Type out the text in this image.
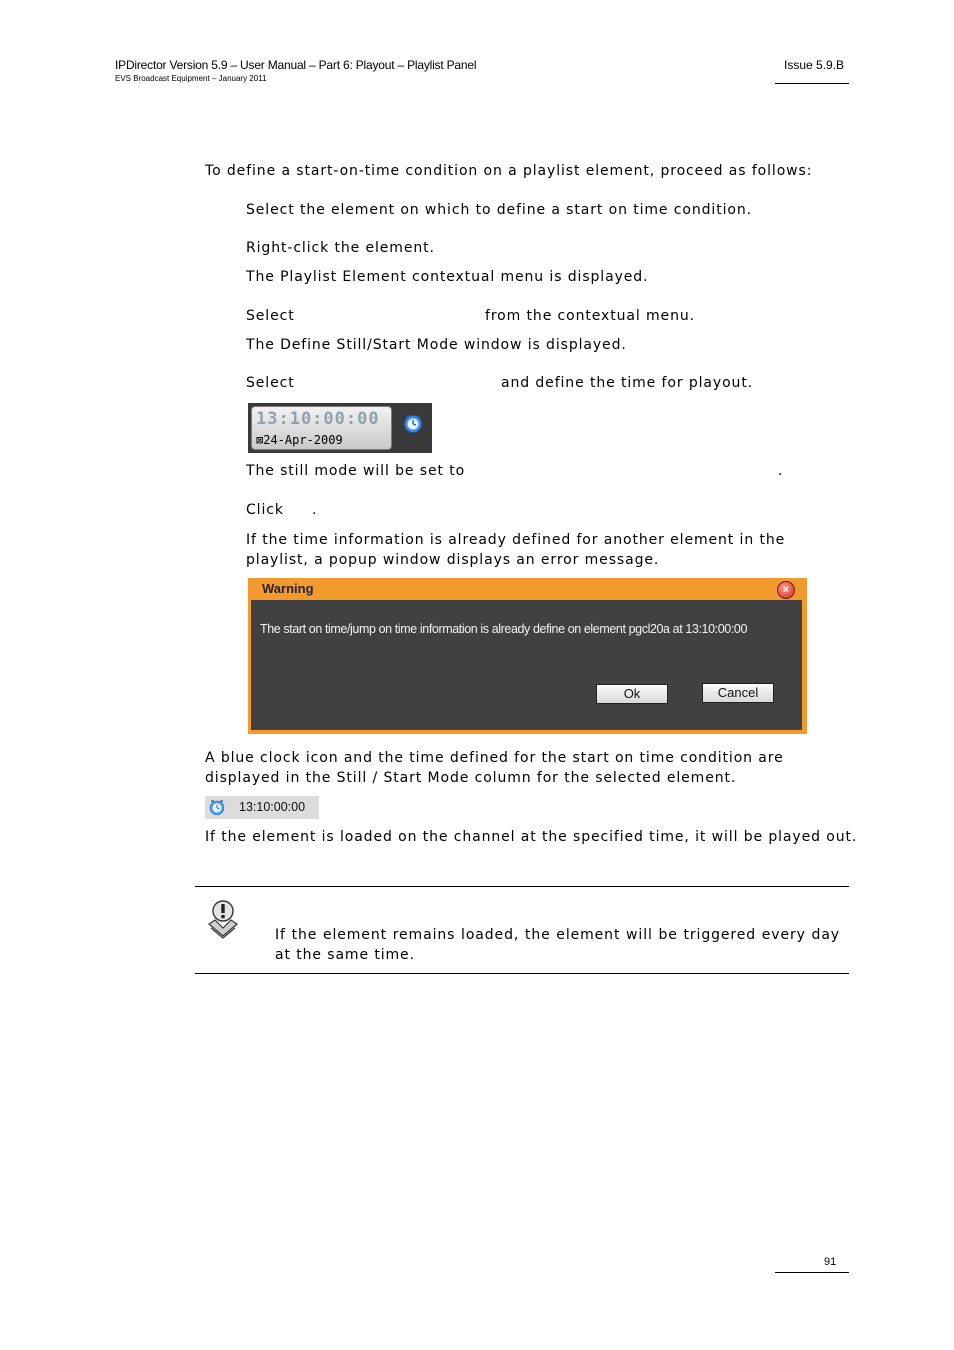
IPDirector Version 5.9 – User Manual – Part 6: Playout – Playlist Panel
EVS Broadcast Equipment – January 2011
Issue 5.9.B
To define a start-on-time condition on a playlist element, proceed as follows:
Select the element on which to define a start on time condition.
Right-click the element.
The Playlist Element contextual menu is displayed.
Select	from the contextual menu.
The Define Still/Start Mode window is displayed.
Select	and define the time for playout.
13:10:00:00
⊠24-Apr-2009
The still mode will be set to	.
Click .
If the time information is already defined for another element in the playlist, a popup window displays an error message.
Warning	×
The start on time/jump on time information is already define on element pgcl20a at 13:10:00:00
Ok	Cancel
A blue clock icon and the time defined for the start on time condition are displayed in the Still / Start Mode column for the selected element.
13:10:00:00
If the element is loaded on the channel at the specified time, it will be played out.
If the element remains loaded, the element will be triggered every day at the same time.
91
